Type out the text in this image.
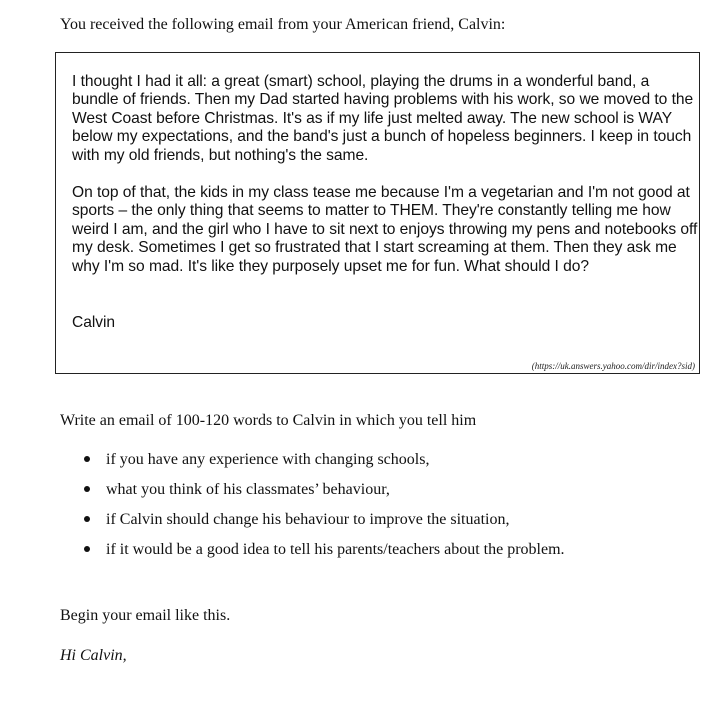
You received the following email from your American friend, Calvin:

I thought I had it all: a great (smart) school, playing the drums in a wonderful band, a bundle of friends. Then my Dad started having problems with his work, so we moved to the West Coast before Christmas. It's as if my life just melted away. The new school is WAY below my expectations, and the band's just a bunch of hopeless beginners. I keep in touch with my old friends, but nothing's the same.

On top of that, the kids in my class tease me because I'm a vegetarian and I'm not good at sports – the only thing that seems to matter to THEM. They're constantly telling me how weird I am, and the girl who I have to sit next to enjoys throwing my pens and notebooks off my desk. Sometimes I get so frustrated that I start screaming at them. Then they ask me why I'm so mad. It's like they purposely upset me for fun. What should I do?

Calvin

(https://uk.answers.yahoo.com/dir/index?sid)

Write an email of 100-120 words to Calvin in which you tell him

if you have any experience with changing schools,
what you think of his classmates’ behaviour,
if Calvin should change his behaviour to improve the situation,
if it would be a good idea to tell his parents/teachers about the problem.

Begin your email like this.

Hi Calvin,
